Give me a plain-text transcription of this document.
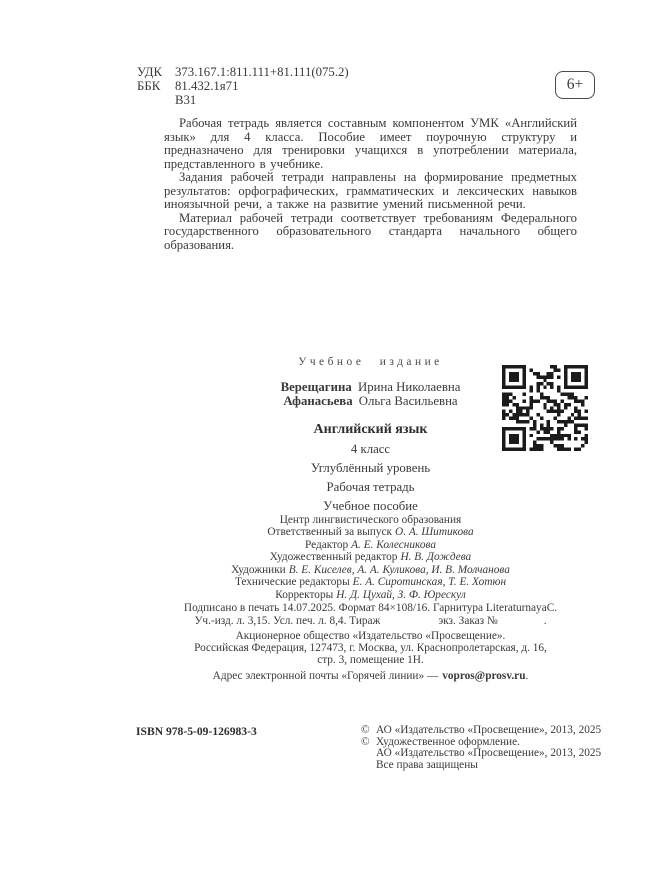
УДК	373.167.1:811.111+81.111(075.2)
ББК	81.432.1я71
В31
6+

Рабочая тетрадь является составным компонентом УМК «Английский язык» для 4 класса. Пособие имеет поурочную структуру и предназначено для тренировки учащихся в употреблении материала, представленного в учебнике.

Задания рабочей тетради направлены на формирование предметных результатов: орфографических, грамматических и лексических навыков иноязычной речи, а также на развитие умений письменной речи.

Материал рабочей тетради соответствует требованиям Федерального государственного образовательного стандарта начального общего образования.

Учебное издание
Верещагина Ирина Николаевна
Афанасьева Ольга Васильевна
Английский язык
4 класс
Углублённый уровень
Рабочая тетрадь
Учебное пособие
Центр лингвистического образования
Ответственный за выпуск О. А. Шитикова
Редактор А. Е. Колесникова
Художественный редактор Н. В. Дождева
Художники В. Е. Киселев, А. А. Куликова, И. В. Молчанова
Технические редакторы Е. А. Сиротинская, Т. Е. Хотюн
Корректоры Н. Д. Цухай, З. Ф. Юрескул
Подписано в печать 14.07.2025. Формат 84×108/16. Гарнитура LiteraturnayaC.
Уч.-изд. л. 3,15. Усл. печ. л. 8,4. Тираж	экз. Заказ №	.
Акционерное общество «Издательство «Просвещение».
Российская Федерация, 127473, г. Москва, ул. Краснопролетарская, д. 16,
стр. 3, помещение 1Н.
Адрес электронной почты «Горячей линии» — vopros@prosv.ru.
ISBN 978-5-09-126983-3	© АО «Издательство «Просвещение», 2013, 2025
© Художественное оформление.
АО «Издательство «Просвещение», 2013, 2025
Все права защищены
